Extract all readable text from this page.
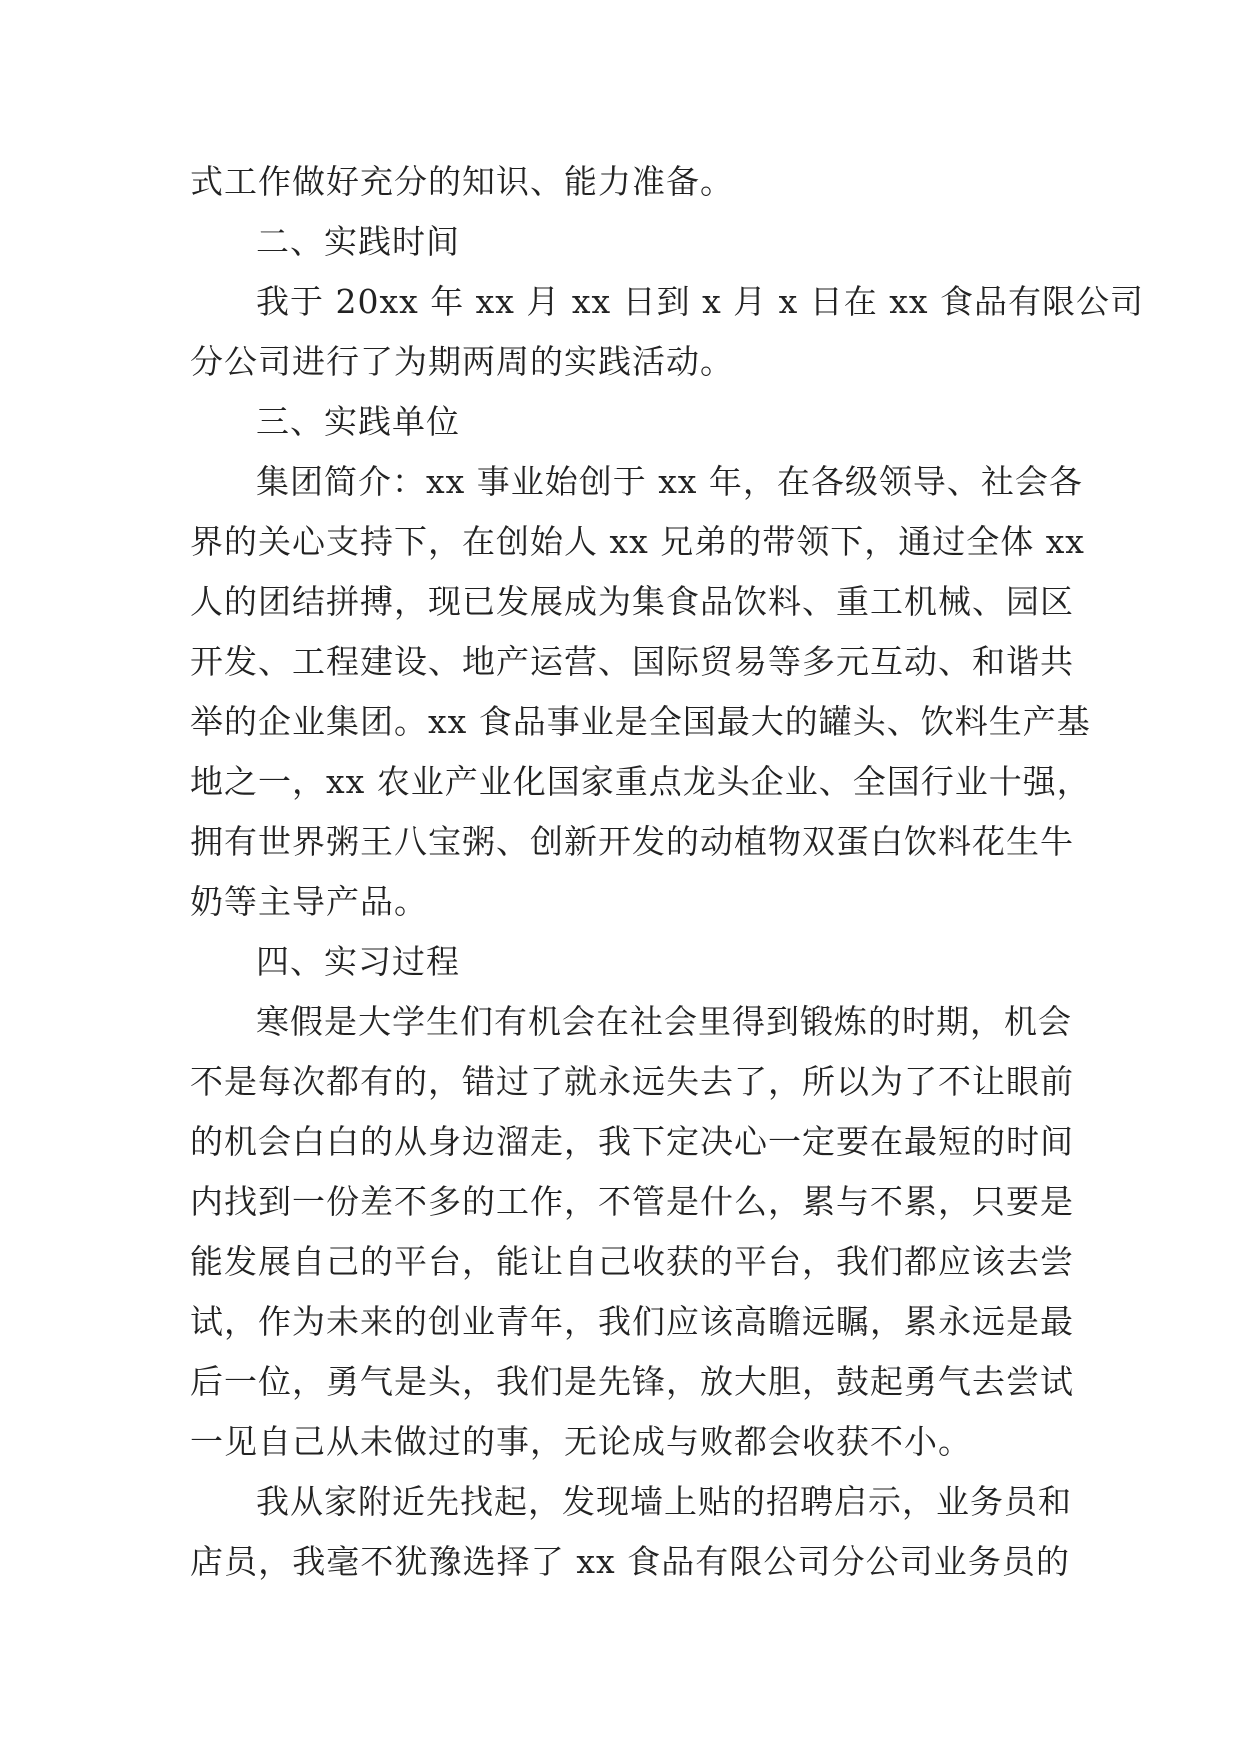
式工作做好充分的知识、能力准备。
二、实践时间
我于 20xx 年 xx 月 xx 日到 x 月 x 日在 xx 食品有限公司
分公司进行了为期两周的实践活动。
三、实践单位
集团简介：xx 事业始创于 xx 年，在各级领导、社会各
界的关心支持下，在创始人 xx 兄弟的带领下，通过全体 xx
人的团结拼搏，现已发展成为集食品饮料、重工机械、园区
开发、工程建设、地产运营、国际贸易等多元互动、和谐共
举的企业集团。xx 食品事业是全国最大的罐头、饮料生产基
地之一，xx 农业产业化国家重点龙头企业、全国行业十强，
拥有世界粥王八宝粥、创新开发的动植物双蛋白饮料花生牛
奶等主导产品。
四、实习过程
寒假是大学生们有机会在社会里得到锻炼的时期，机会
不是每次都有的，错过了就永远失去了，所以为了不让眼前
的机会白白的从身边溜走，我下定决心一定要在最短的时间
内找到一份差不多的工作，不管是什么，累与不累，只要是
能发展自己的平台，能让自己收获的平台，我们都应该去尝
试，作为未来的创业青年，我们应该高瞻远瞩，累永远是最
后一位，勇气是头，我们是先锋，放大胆，鼓起勇气去尝试
一见自己从未做过的事，无论成与败都会收获不小。
我从家附近先找起，发现墙上贴的招聘启示，业务员和
店员，我毫不犹豫选择了 xx 食品有限公司分公司业务员的
